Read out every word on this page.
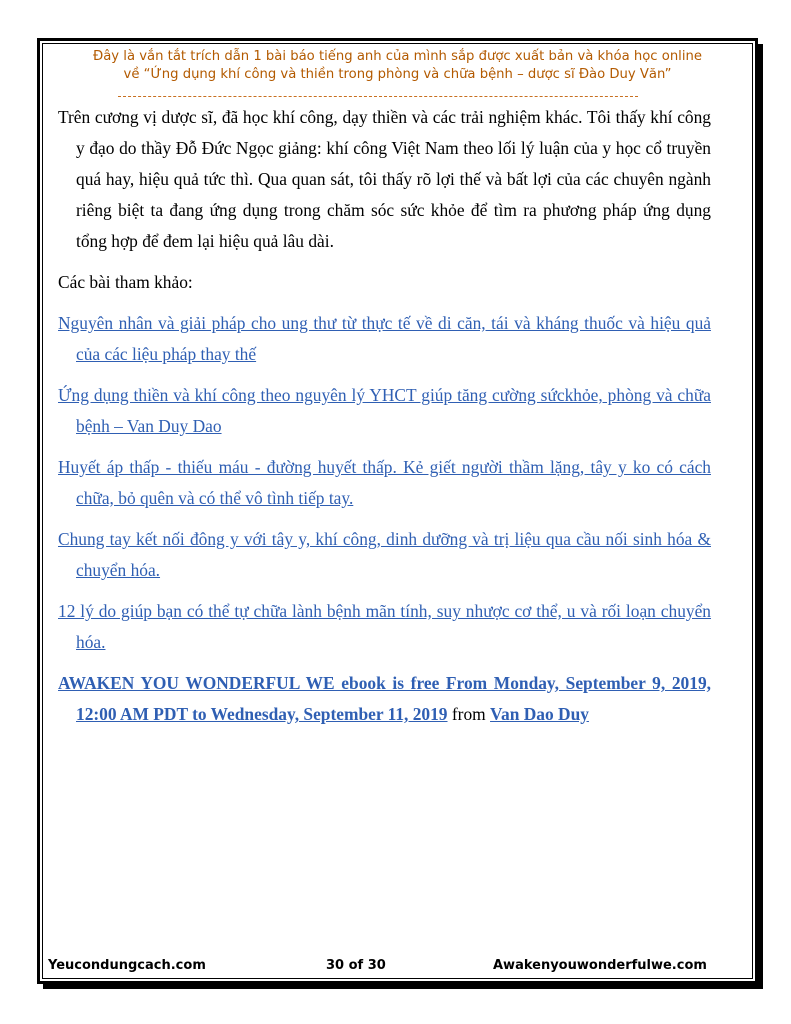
Đây là vắn tắt trích dẫn 1 bài báo tiếng anh của mình sắp được xuất bản và khóa học online
về “Ứng dụng khí công và thiền trong phòng và chữa bệnh – dược sĩ Đào Duy Văn”

Trên cương vị dược sĩ, đã học khí công, dạy thiền và các trải nghiệm khác. Tôi thấy khí công y đạo do thầy Đỗ Đức Ngọc giảng: khí công Việt Nam theo lối lý luận của y học cổ truyền quá hay, hiệu quả tức thì. Qua quan sát, tôi thấy rõ lợi thế và bất lợi của các chuyên ngành riêng biệt ta đang ứng dụng trong chăm sóc sức khỏe để tìm ra phương pháp ứng dụng tổng hợp để đem lại hiệu quả lâu dài.

Các bài tham khảo:

Nguyên nhân và giải pháp cho ung thư từ thực tế về di căn, tái và kháng thuốc và hiệu quả của các liệu pháp thay thế

Ứng dụng thiền và khí công theo nguyên lý YHCT giúp tăng cường sứckhỏe, phòng và chữa bệnh – Van Duy Dao

Huyết áp thấp - thiếu máu - đường huyết thấp. Kẻ giết người thầm lặng, tây y ko có cách chữa, bỏ quên và có thể vô tình tiếp tay.

Chung tay kết nối đông y với tây y, khí công, dinh dưỡng và trị liệu qua cầu nối sinh hóa & chuyển hóa.

12 lý do giúp bạn có thể tự chữa lành bệnh mãn tính, suy nhược cơ thể, u và rối loạn chuyển hóa.

AWAKEN YOU WONDERFUL WE ebook is free From Monday, September 9, 2019, 12:00 AM PDT to Wednesday, September 11, 2019 from Van Dao Duy

Yeucondungcach.com	30 of 30	Awakenyouwonderfulwe.com
